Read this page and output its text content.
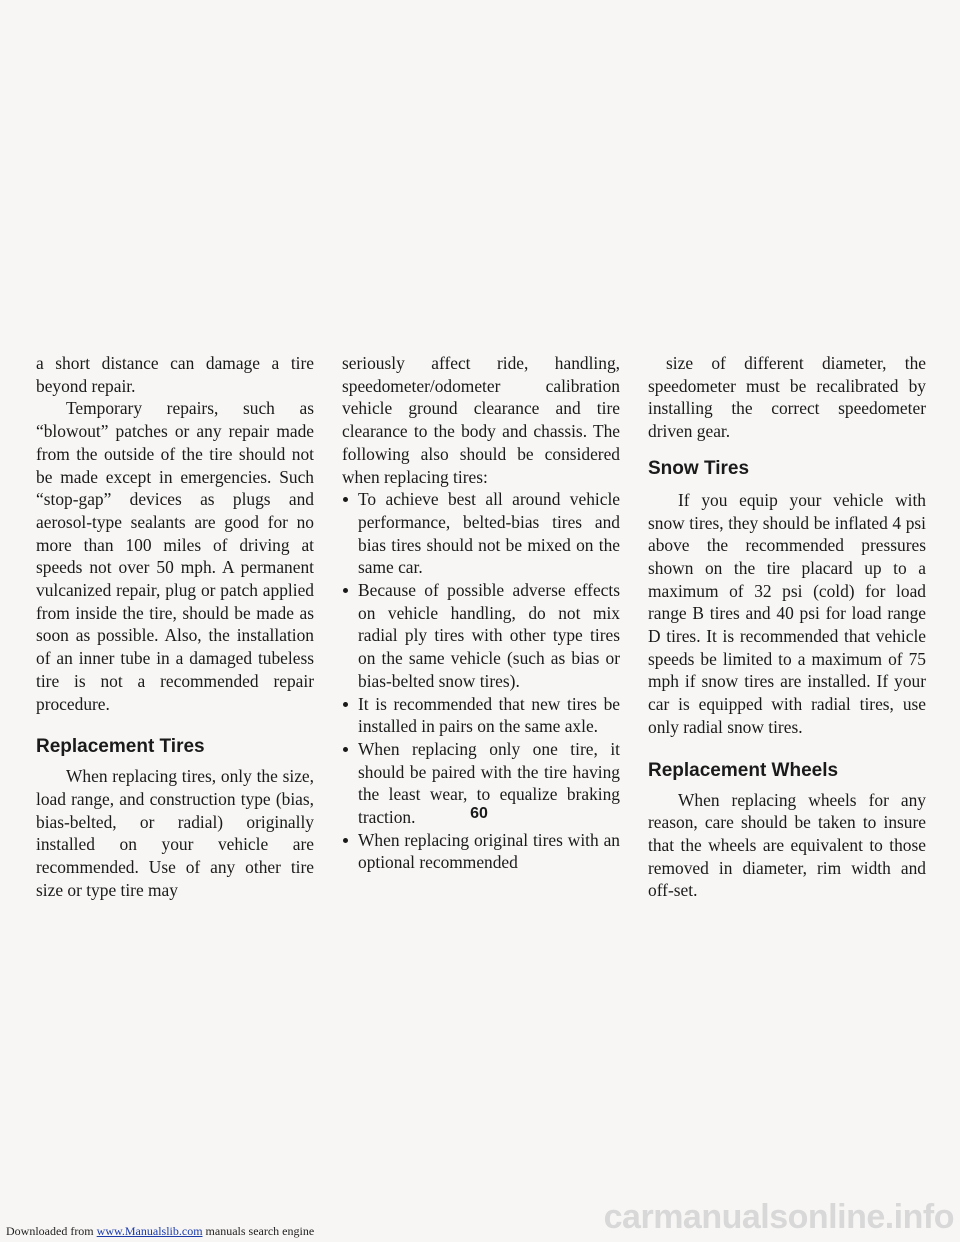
a short distance can damage a tire beyond repair.

Temporary repairs, such as “blowout” patches or any repair made from the outside of the tire should not be made except in emergencies. Such “stop-gap” devices as plugs and aerosol-type sealants are good for no more than 100 miles of driving at speeds not over 50 mph. A permanent vulcanized repair, plug or patch applied from inside the tire, should be made as soon as possible. Also, the installation of an inner tube in a damaged tubeless tire is not a recommended repair procedure.

Replacement Tires

When replacing tires, only the size, load range, and construction type (bias, bias-belted, or radial) originally installed on your vehicle are recommended. Use of any other tire size or type tire may

seriously affect ride, handling, speedometer/odometer calibration vehicle ground clearance and tire clearance to the body and chassis. The following also should be considered when replacing tires:

To achieve best all around vehicle performance, belted-bias tires and bias tires should not be mixed on the same car.
Because of possible adverse effects on vehicle handling, do not mix radial ply tires with other type tires on the same vehicle (such as bias or bias-belted snow tires).
It is recommended that new tires be installed in pairs on the same axle.
When replacing only one tire, it should be paired with the tire having the least wear, to equalize braking traction.
When replacing original tires with an optional recommended

size of different diameter, the speedometer must be recalibrated by installing the correct speedometer driven gear.

Snow Tires

If you equip your vehicle with snow tires, they should be inflated 4 psi above the recommended pressures shown on the tire placard up to a maximum of 32 psi (cold) for load range B tires and 40 psi for load range D tires. It is recommended that vehicle speeds be limited to a maximum of 75 mph if snow tires are installed. If your car is equipped with radial tires, use only radial snow tires.

Replacement Wheels

When replacing wheels for any reason, care should be taken to insure that the wheels are equivalent to those removed in diameter, rim width and off-set.

60
Downloaded from www.Manualslib.com manuals search engine	carmanualsonline.info
